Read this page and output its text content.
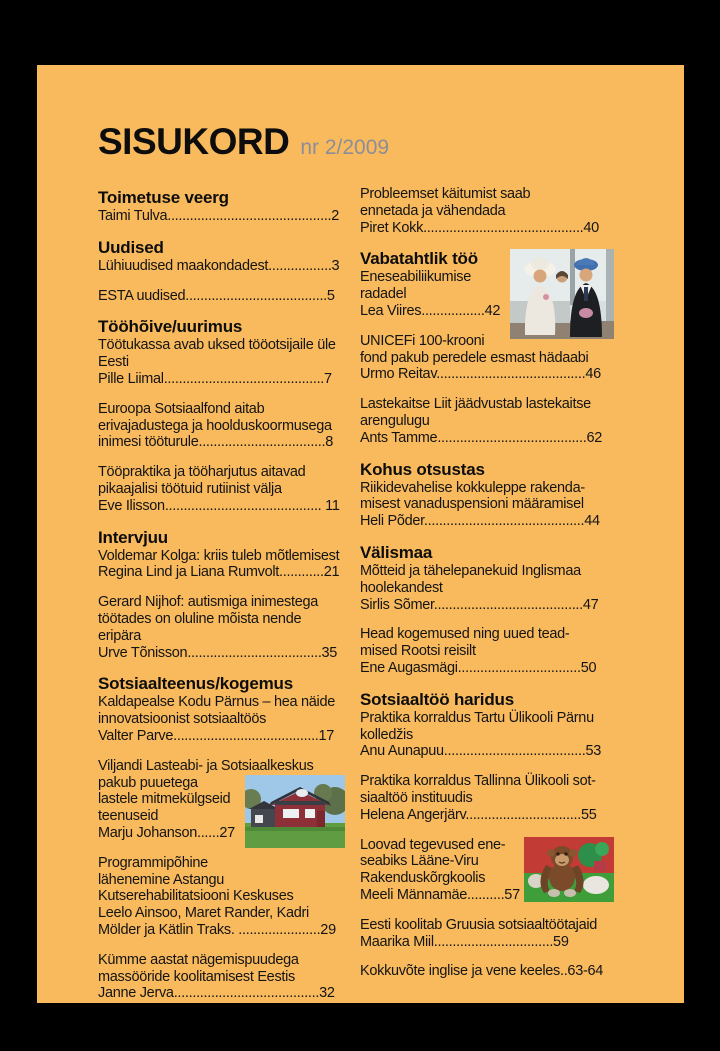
SISUKORD nr 2/2009
Toimetuse veerg
Taimi Tulva............................................2
Uudised
Lühiuudised maakondadest.................3
ESTA uudised......................................5
Tööhõive/uurimus
Töötukassa avab uksed tööotsijaile üle
Eesti
Pille Liimal...........................................7
Euroopa Sotsiaalfond aitab
erivajadustega ja hoolduskoormusega
inimesi tööturule..................................8
Tööpraktika ja tööharjutus aitavad
pikaajalisi töötuid rutiinist välja
Eve Ilisson.......................................... 11
Intervjuu
Voldemar Kolga: kriis tuleb mõtlemisest
Regina Lind ja Liana Rumvolt............21
Gerard Nijhof: autismiga inimestega
töötades on oluline mõista nende
eripära
Urve Tõnisson....................................35
Sotsiaalteenus/kogemus
Kaldapealse Kodu Pärnus – hea näide
innovatsioonist sotsiaaltöös
Valter Parve.......................................17
Viljandi Lasteabi- ja Sotsiaalkeskus
pakub puuetega
lastele mitmekülgseid
teenuseid
Marju Johanson......27
Programmipõhine
lähenemine Astangu
Kutserehabilitatsiooni Keskuses
Leelo Ainsoo, Maret Rander, Kadri
Mölder ja Kätlin Traks. ......................29
Kümme aastat nägemispuudega
massööride koolitamisest Eestis
Janne Jerva.......................................32
Probleemset käitumist saab
ennetada ja vähendada
Piret Kokk...........................................40
Vabatahtlik töö
Eneseabiliikumise
radadel
Lea Viires.................42
UNICEFi 100-krooni
fond pakub peredele esmast hädaabi
Urmo Reitav........................................46
Lastekaitse Liit jäädvustab lastekaitse
arengulugu
Ants Tamme........................................62
Kohus otsustas
Riikidevahelise kokkuleppe rakenda-
misest vanaduspensioni määramisel
Heli Põder...........................................44
Välismaa
Mõtteid ja tähelepanekuid Inglismaa
hoolekandest
Sirlis Sõmer........................................47
Head kogemused ning uued tead-
mised Rootsi reisilt
Ene Augasmägi.................................50
Sotsiaaltöö haridus
Praktika korraldus Tartu Ülikooli Pärnu
kolledžis
Anu Aunapuu......................................53
Praktika korraldus Tallinna Ülikooli sot-
siaaltöö instituudis
Helena Angerjärv...............................55
Loovad tegevused ene-
seabiks Lääne-Viru
Rakenduskõrgkoolis
Meeli Männamäe..........57
Eesti koolitab Gruusia sotsiaaltöötajaid
Maarika Miil................................59
Kokkuvõte inglise ja vene keeles..63-64
